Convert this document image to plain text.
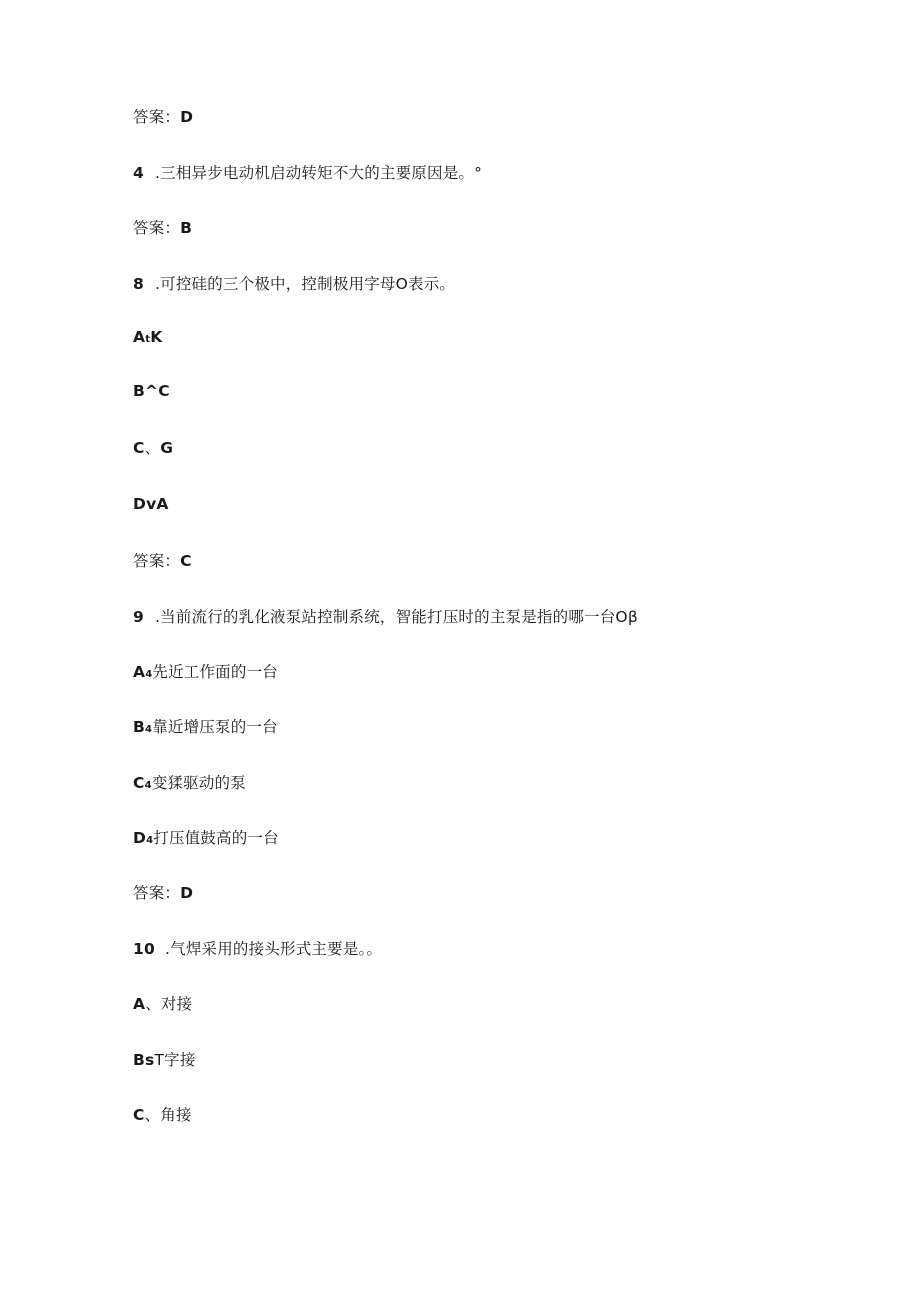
答案：D
4 .三相异步电动机启动转矩不大的主要原因是。°
答案：B
8 .可控硅的三个极中，控制极用字母O表示。
AtK
B^C
C、G
DvA
答案：C
9 .当前流行的乳化液泵站控制系统，智能打压时的主泵是指的哪一台Oβ
A4先近工作面的一台
B4靠近增压泵的一台
C4变猱驱动的泵
D4打压值鼓高的一台
答案：D
10 .气焊采用的接头形式主要是。。
A、对接
BsT字接
C、角接
